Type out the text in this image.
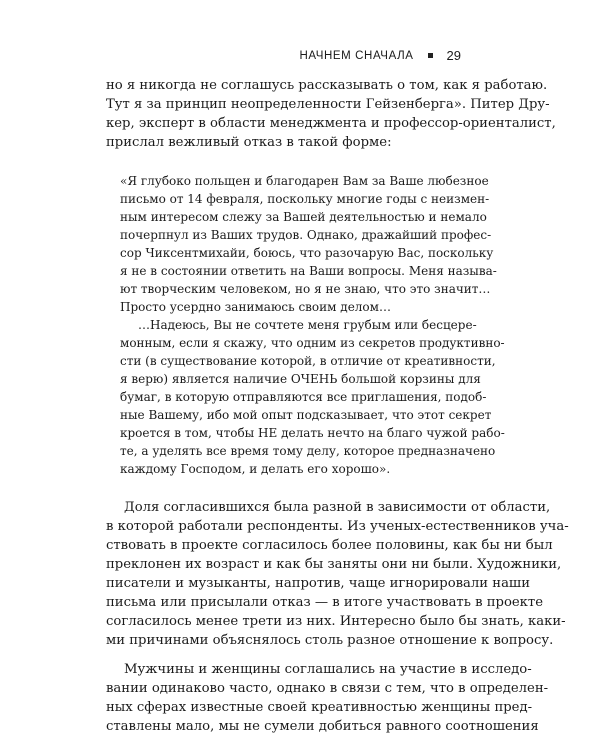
НАЧНЕМ СНАЧАЛА	29
но я никогда не соглашусь рассказывать о том, как я работаю.
Тут я за принцип неопределенности Гейзенберга». Питер Дру-
кер, эксперт в области менеджмента и профессор-ориенталист,
прислал вежливый отказ в такой форме:
«Я глубоко польщен и благодарен Вам за Ваше любезное
письмо от 14 февраля, поскольку многие годы с неизмен-
ным интересом слежу за Вашей деятельностью и немало
почерпнул из Ваших трудов. Однако, дражайший профес-
сор Чиксентмихайи, боюсь, что разочарую Вас, поскольку
я не в состоянии ответить на Ваши вопросы. Меня называ-
ют творческим человеком, но я не знаю, что это значит…
Просто усердно занимаюсь своим делом…
…Надеюсь, Вы не сочтете меня грубым или бесцере-
монным, если я скажу, что одним из секретов продуктивно-
сти (в существование которой, в отличие от креативности,
я верю) является наличие ОЧЕНЬ большой корзины для
бумаг, в которую отправляются все приглашения, подоб-
ные Вашему, ибо мой опыт подсказывает, что этот секрет
кроется в том, чтобы НЕ делать нечто на благо чужой рабо-
те, а уделять все время тому делу, которое предназначено
каждому Господом, и делать его хорошо».
Доля согласившихся была разной в зависимости от области,
в которой работали респонденты. Из ученых-естественников уча-
ствовать в проекте согласилось более половины, как бы ни был
преклонен их возраст и как бы заняты они ни были. Художники,
писатели и музыканты, напротив, чаще игнорировали наши
письма или присылали отказ — в итоге участвовать в проекте
согласилось менее трети из них. Интересно было бы знать, каки-
ми причинами объяснялось столь разное отношение к вопросу.
Мужчины и женщины соглашались на участие в исследо-
вании одинаково часто, однако в связи с тем, что в определен-
ных сферах известные своей креативностью женщины пред-
ставлены мало, мы не сумели добиться равного соотношения
